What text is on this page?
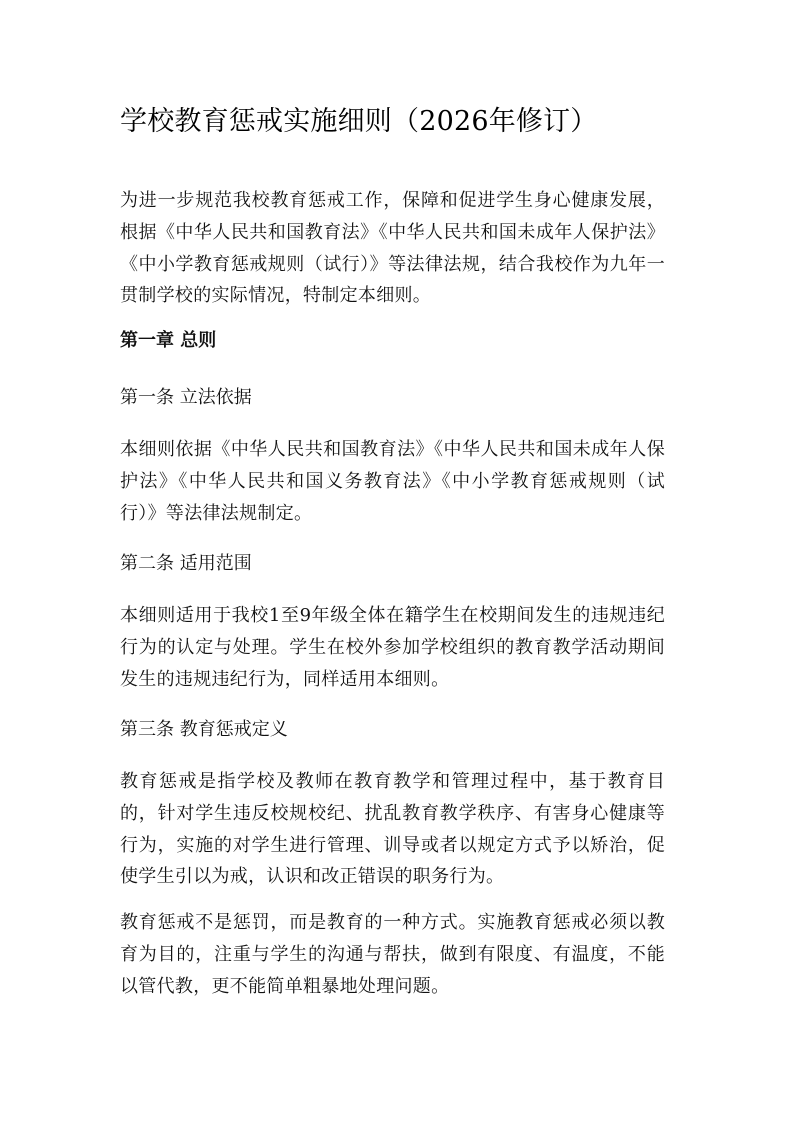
学校教育惩戒实施细则（2026年修订）

为进一步规范我校教育惩戒工作，保障和促进学生身心健康发展，根据《中华人民共和国教育法》《中华人民共和国未成年人保护法》《中小学教育惩戒规则（试行）》等法律法规，结合我校作为九年一贯制学校的实际情况，特制定本细则。

第一章 总则
第一条 立法依据

本细则依据《中华人民共和国教育法》《中华人民共和国未成年人保护法》《中华人民共和国义务教育法》《中小学教育惩戒规则（试行）》等法律法规制定。

第二条 适用范围

本细则适用于我校1至9年级全体在籍学生在校期间发生的违规违纪行为的认定与处理。学生在校外参加学校组织的教育教学活动期间发生的违规违纪行为，同样适用本细则。

第三条 教育惩戒定义

教育惩戒是指学校及教师在教育教学和管理过程中，基于教育目的，针对学生违反校规校纪、扰乱教育教学秩序、有害身心健康等行为，实施的对学生进行管理、训导或者以规定方式予以矫治，促使学生引以为戒，认识和改正错误的职务行为。

教育惩戒不是惩罚，而是教育的一种方式。实施教育惩戒必须以教育为目的，注重与学生的沟通与帮扶，做到有限度、有温度，不能以管代教，更不能简单粗暴地处理问题。
